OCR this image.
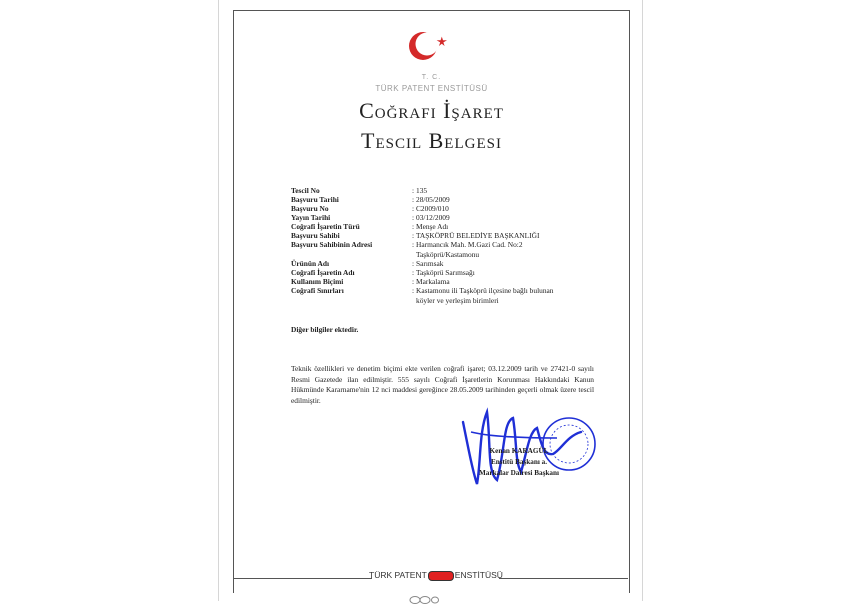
T. C.
TÜRK PATENT ENSTİTÜSÜ
Coğrafi İşaret
Tescil Belgesi
Tescil No	: 135
Başvuru Tarihi	: 28/05/2009
Başvuru No	: C2009/010
Yayın Tarihi	: 03/12/2009
Coğrafi İşaretin Türü	: Menşe Adı
Başvuru Sahibi	: TAŞKÖPRÜ BELEDİYE BAŞKANLIĞI
Başvuru Sahibinin Adresi	: Harmancık Mah. M.Gazi Cad. No:2
Taşköprü/Kastamonu
Ürünün Adı	: Sarımsak
Coğrafi İşaretin Adı	: Taşköprü Sarımsağı
Kullanım Biçimi	: Markalama
Coğrafi Sınırları	: Kastamonu ili Taşköprü ilçesine bağlı bulunan
köyler ve yerleşim birimleri
Diğer bilgiler ektedir.
Teknik özellikleri ve denetim biçimi ekte verilen coğrafi işaret; 03.12.2009 tarih ve 27421-0 sayılı Resmi Gazetede ilan edilmiştir. 555 sayılı Coğrafi İşaretlerin Korunması Hakkındaki Kanun Hükmünde Kararname'nin 12 nci maddesi gereğince 28.05.2009 tarihinden geçerli olmak üzere tescil edilmiştir.
Kenan KARAGÜL
Enstitü Başkanı a.
Markalar Dairesi Başkanı
TÜRK PATENT	ENSTİTÜSÜ
